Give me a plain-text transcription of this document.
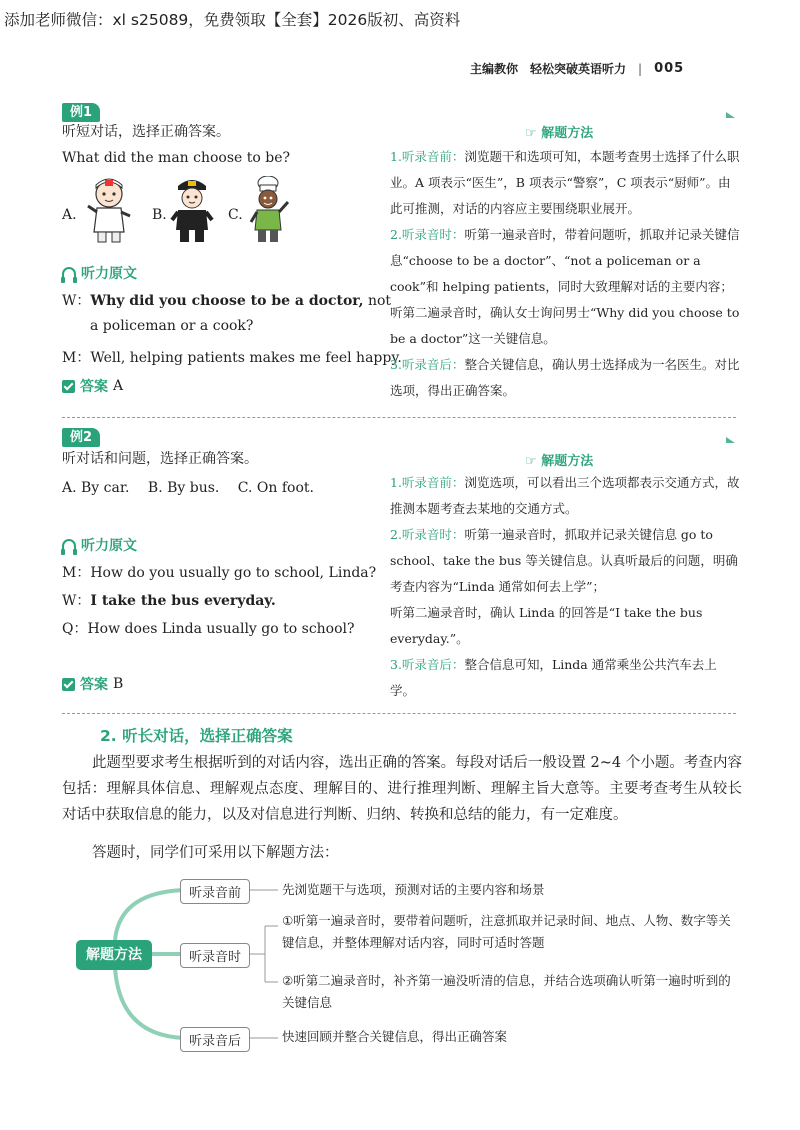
添加老师微信：xl s25089，免费领取【全套】2026版初、高资料
主编教你　轻松突破英语听力 | 005
例1
听短对话，选择正确答案。
What did the man choose to be?
A.	B.	C.
听力原文
W：Why did you choose to be a doctor, not
a policeman or a cook?
M：Well, helping patients makes me feel happy.
答案 A
☞ 解题方法
1.听录音前：浏览题干和选项可知，本题考查男士选择了什么职业。A 项表示“医生”，B 项表示“警察”，C 项表示“厨师”。由此可推测，对话的内容应主要围绕职业展开。
2.听录音时：听第一遍录音时，带着问题听，抓取并记录关键信息“choose to be a doctor”、“not a policeman or a cook”和 helping patients，同时大致理解对话的主要内容；听第二遍录音时，确认女士询问男士“Why did you choose to be a doctor”这一关键信息。
3.听录音后：整合关键信息，确认男士选择成为一名医生。对比选项，得出正确答案。
例2
听对话和问题，选择正确答案。
A. By car.　 B. By bus.　 C. On foot.
听力原文
M：How do you usually go to school, Linda?
W：I take the bus everyday.
Q：How does Linda usually go to school?
答案 B
☞ 解题方法
1.听录音前：浏览选项，可以看出三个选项都表示交通方式，故推测本题考查去某地的交通方式。
2.听录音时：听第一遍录音时，抓取并记录关键信息 go to school、take the bus 等关键信息。认真听最后的问题，明确考查内容为“Linda 通常如何去上学”；
听第二遍录音时，确认 Linda 的回答是“I take the bus everyday.”。
3.听录音后：整合信息可知，Linda 通常乘坐公共汽车去上学。
2. 听长对话，选择正确答案
此题型要求考生根据听到的对话内容，选出正确的答案。每段对话后一般设置 2~4 个小题。考查内容包括：理解具体信息、理解观点态度、理解目的、进行推理判断、理解主旨大意等。主要考查考生从较长对话中获取信息的能力，以及对信息进行判断、归纳、转换和总结的能力，有一定难度。
答题时，同学们可采用以下解题方法：
解题方法
听录音前
听录音时
听录音后
先浏览题干与选项，预测对话的主要内容和场景
①听第一遍录音时，要带着问题听，注意抓取并记录时间、地点、人物、数字等关键信息，并整体理解对话内容，同时可适时答题
②听第二遍录音时，补齐第一遍没听清的信息，并结合选项确认听第一遍时听到的关键信息
快速回顾并整合关键信息，得出正确答案
